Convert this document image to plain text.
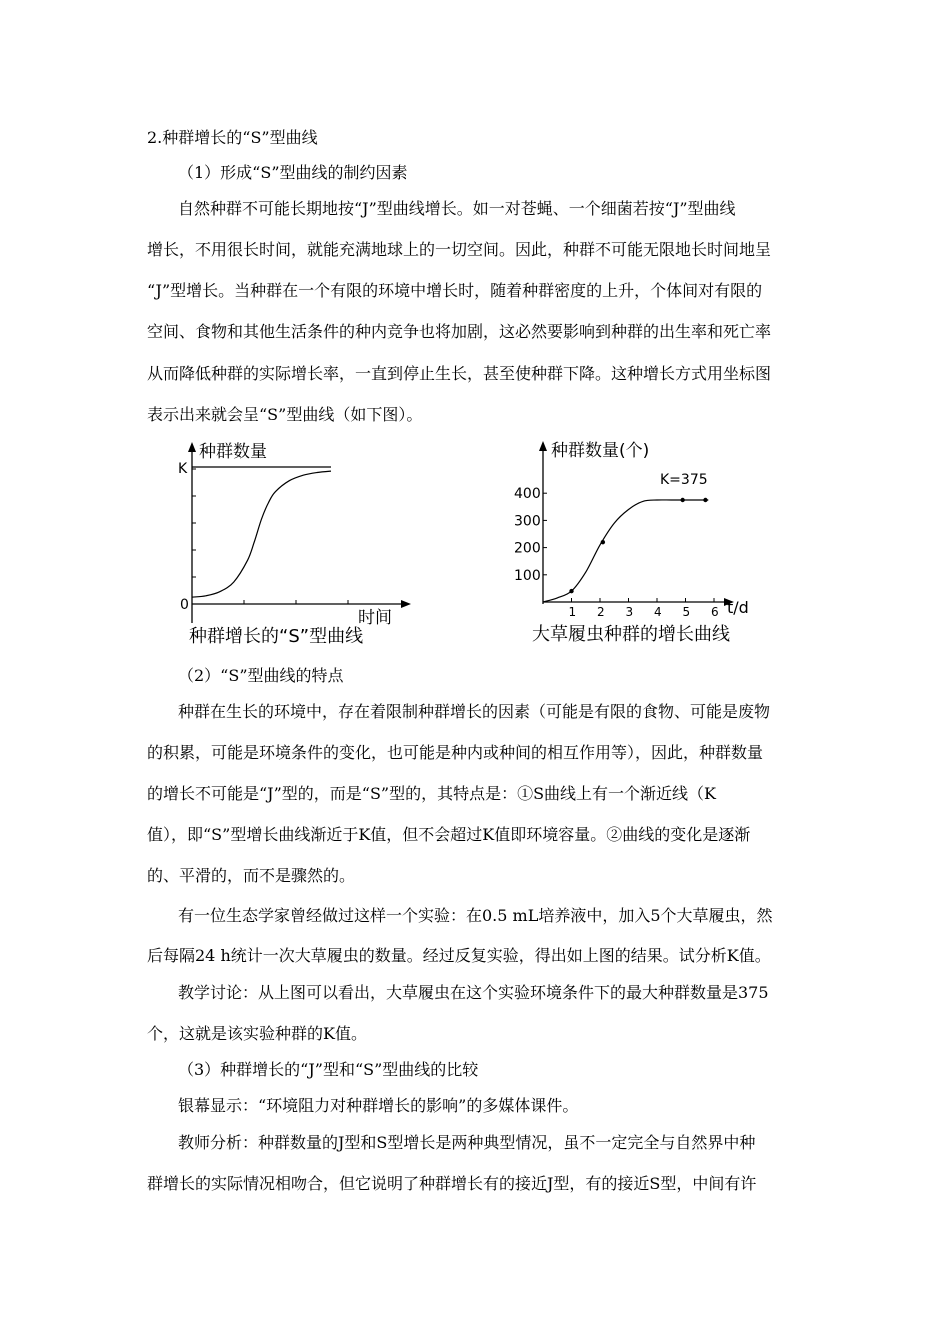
2.种群增长的“S”型曲线
（1）形成“S”型曲线的制约因素
自然种群不可能长期地按“J”型曲线增长。如一对苍蝇、一个细菌若按“J”型曲线
增长，不用很长时间，就能充满地球上的一切空间。因此，种群不可能无限地长时间地呈
“J”型增长。当种群在一个有限的环境中增长时，随着种群密度的上升，个体间对有限的
空间、食物和其他生活条件的种内竞争也将加剧，这必然要影响到种群的出生率和死亡率
从而降低种群的实际增长率，一直到停止生长，甚至使种群下降。这种增长方式用坐标图
表示出来就会呈“S”型曲线（如下图）。
种群数量
K
0
时间
种群增长的“S”型曲线
1 2 3 4 5 6
100
200
300
400
种群数量(个)
t/d
K=375
大草履虫种群的增长曲线
（2）“S”型曲线的特点
种群在生长的环境中，存在着限制种群增长的因素（可能是有限的食物、可能是废物
的积累，可能是环境条件的变化，也可能是种内或种间的相互作用等），因此，种群数量
的增长不可能是“J”型的，而是“S”型的，其特点是：①S曲线上有一个渐近线（K
值），即“S”型增长曲线渐近于K值，但不会超过K值即环境容量。②曲线的变化是逐渐
的、平滑的，而不是骤然的。
有一位生态学家曾经做过这样一个实验：在0.5 mL培养液中，加入5个大草履虫，然
后每隔24 h统计一次大草履虫的数量。经过反复实验，得出如上图的结果。试分析K值。
教学讨论：从上图可以看出，大草履虫在这个实验环境条件下的最大种群数量是375
个，这就是该实验种群的K值。
（3）种群增长的“J”型和“S”型曲线的比较
银幕显示：“环境阻力对种群增长的影响”的多媒体课件。
教师分析：种群数量的J型和S型增长是两种典型情况，虽不一定完全与自然界中种
群增长的实际情况相吻合，但它说明了种群增长有的接近J型，有的接近S型，中间有许
